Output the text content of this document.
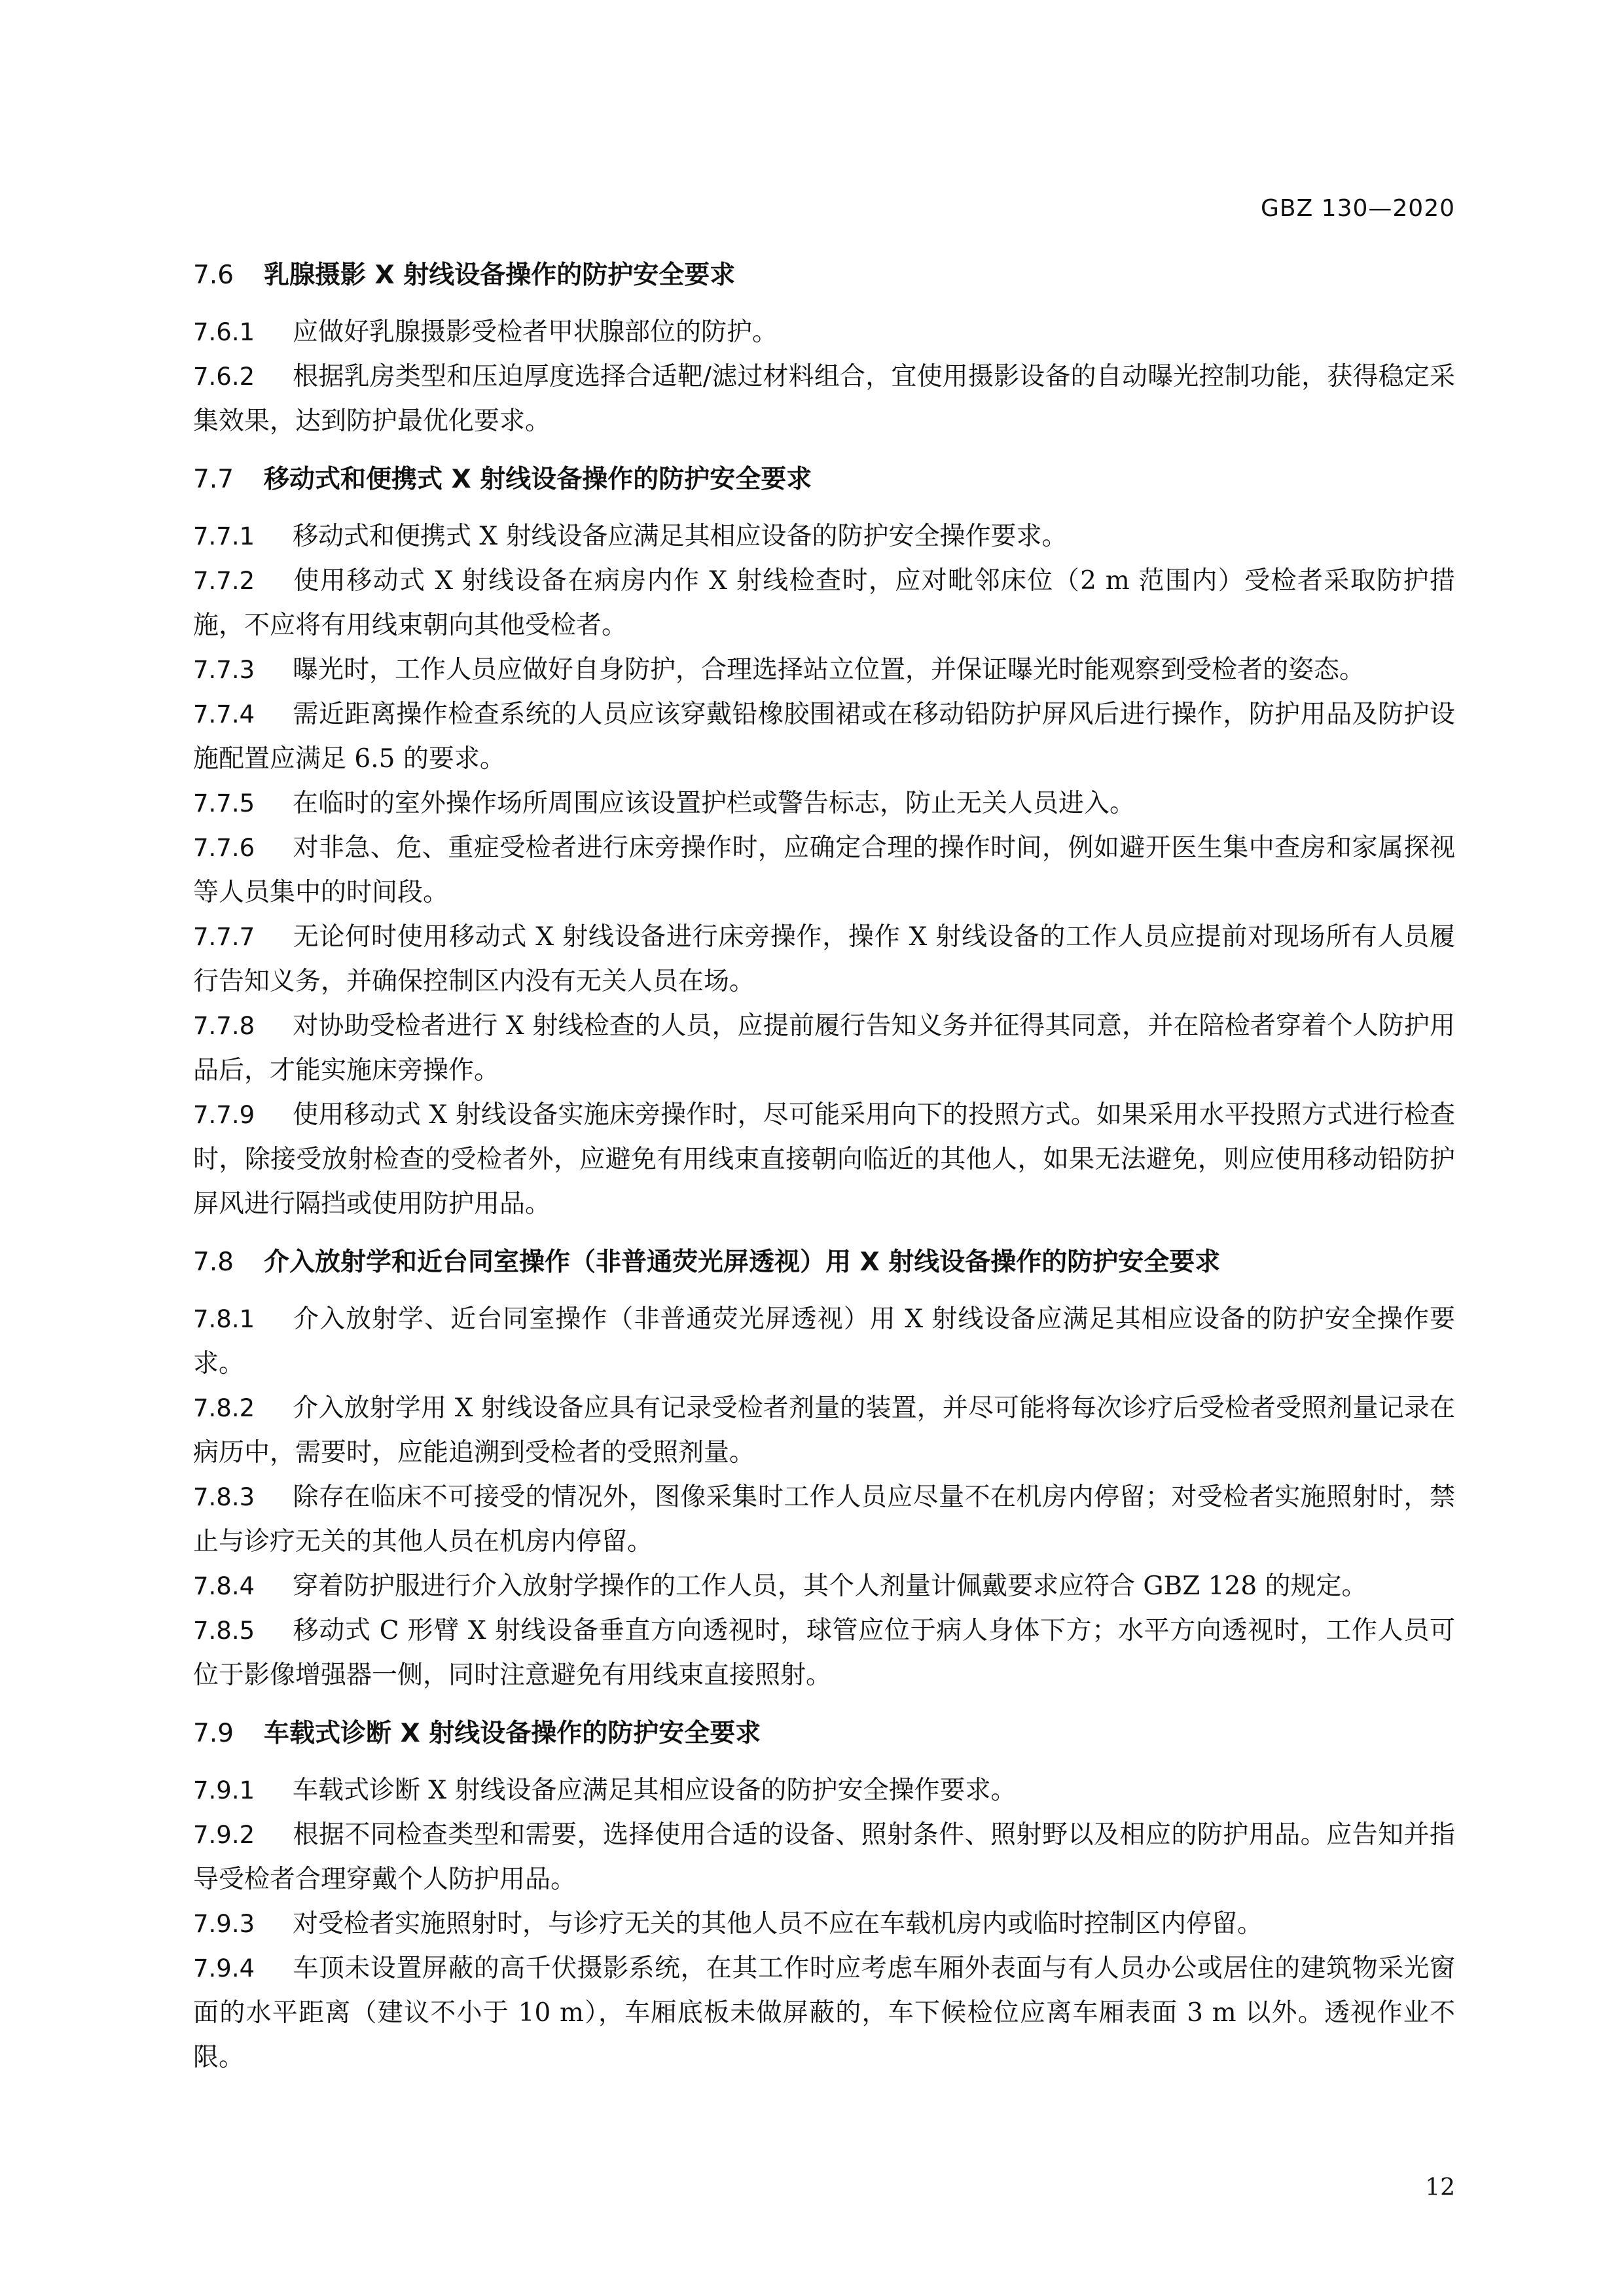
GBZ 130—2020
7.6 乳腺摄影 X 射线设备操作的防护安全要求

7.6.1 应做好乳腺摄影受检者甲状腺部位的防护。

7.6.2 根据乳房类型和压迫厚度选择合适靶/滤过材料组合，宜使用摄影设备的自动曝光控制功能，获得稳定采集效果，达到防护最优化要求。

7.7 移动式和便携式 X 射线设备操作的防护安全要求

7.7.1 移动式和便携式 X 射线设备应满足其相应设备的防护安全操作要求。

7.7.2 使用移动式 X 射线设备在病房内作 X 射线检查时，应对毗邻床位（2 m 范围内）受检者采取防护措施，不应将有用线束朝向其他受检者。

7.7.3 曝光时，工作人员应做好自身防护，合理选择站立位置，并保证曝光时能观察到受检者的姿态。

7.7.4 需近距离操作检查系统的人员应该穿戴铅橡胶围裙或在移动铅防护屏风后进行操作，防护用品及防护设施配置应满足 6.5 的要求。

7.7.5 在临时的室外操作场所周围应该设置护栏或警告标志，防止无关人员进入。

7.7.6 对非急、危、重症受检者进行床旁操作时，应确定合理的操作时间，例如避开医生集中查房和家属探视等人员集中的时间段。

7.7.7 无论何时使用移动式 X 射线设备进行床旁操作，操作 X 射线设备的工作人员应提前对现场所有人员履行告知义务，并确保控制区内没有无关人员在场。

7.7.8 对协助受检者进行 X 射线检查的人员，应提前履行告知义务并征得其同意，并在陪检者穿着个人防护用品后，才能实施床旁操作。

7.7.9 使用移动式 X 射线设备实施床旁操作时，尽可能采用向下的投照方式。如果采用水平投照方式进行检查时，除接受放射检查的受检者外，应避免有用线束直接朝向临近的其他人，如果无法避免，则应使用移动铅防护屏风进行隔挡或使用防护用品。

7.8 介入放射学和近台同室操作（非普通荧光屏透视）用 X 射线设备操作的防护安全要求

7.8.1 介入放射学、近台同室操作（非普通荧光屏透视）用 X 射线设备应满足其相应设备的防护安全操作要求。

7.8.2 介入放射学用 X 射线设备应具有记录受检者剂量的装置，并尽可能将每次诊疗后受检者受照剂量记录在病历中，需要时，应能追溯到受检者的受照剂量。

7.8.3 除存在临床不可接受的情况外，图像采集时工作人员应尽量不在机房内停留；对受检者实施照射时，禁止与诊疗无关的其他人员在机房内停留。

7.8.4 穿着防护服进行介入放射学操作的工作人员，其个人剂量计佩戴要求应符合 GBZ 128 的规定。

7.8.5 移动式 C 形臂 X 射线设备垂直方向透视时，球管应位于病人身体下方；水平方向透视时，工作人员可位于影像增强器一侧，同时注意避免有用线束直接照射。

7.9 车载式诊断 X 射线设备操作的防护安全要求

7.9.1 车载式诊断 X 射线设备应满足其相应设备的防护安全操作要求。

7.9.2 根据不同检查类型和需要，选择使用合适的设备、照射条件、照射野以及相应的防护用品。应告知并指导受检者合理穿戴个人防护用品。

7.9.3 对受检者实施照射时，与诊疗无关的其他人员不应在车载机房内或临时控制区内停留。

7.9.4 车顶未设置屏蔽的高千伏摄影系统，在其工作时应考虑车厢外表面与有人员办公或居住的建筑物采光窗面的水平距离（建议不小于 10 m），车厢底板未做屏蔽的，车下候检位应离车厢表面 3 m 以外。透视作业不限。

12
